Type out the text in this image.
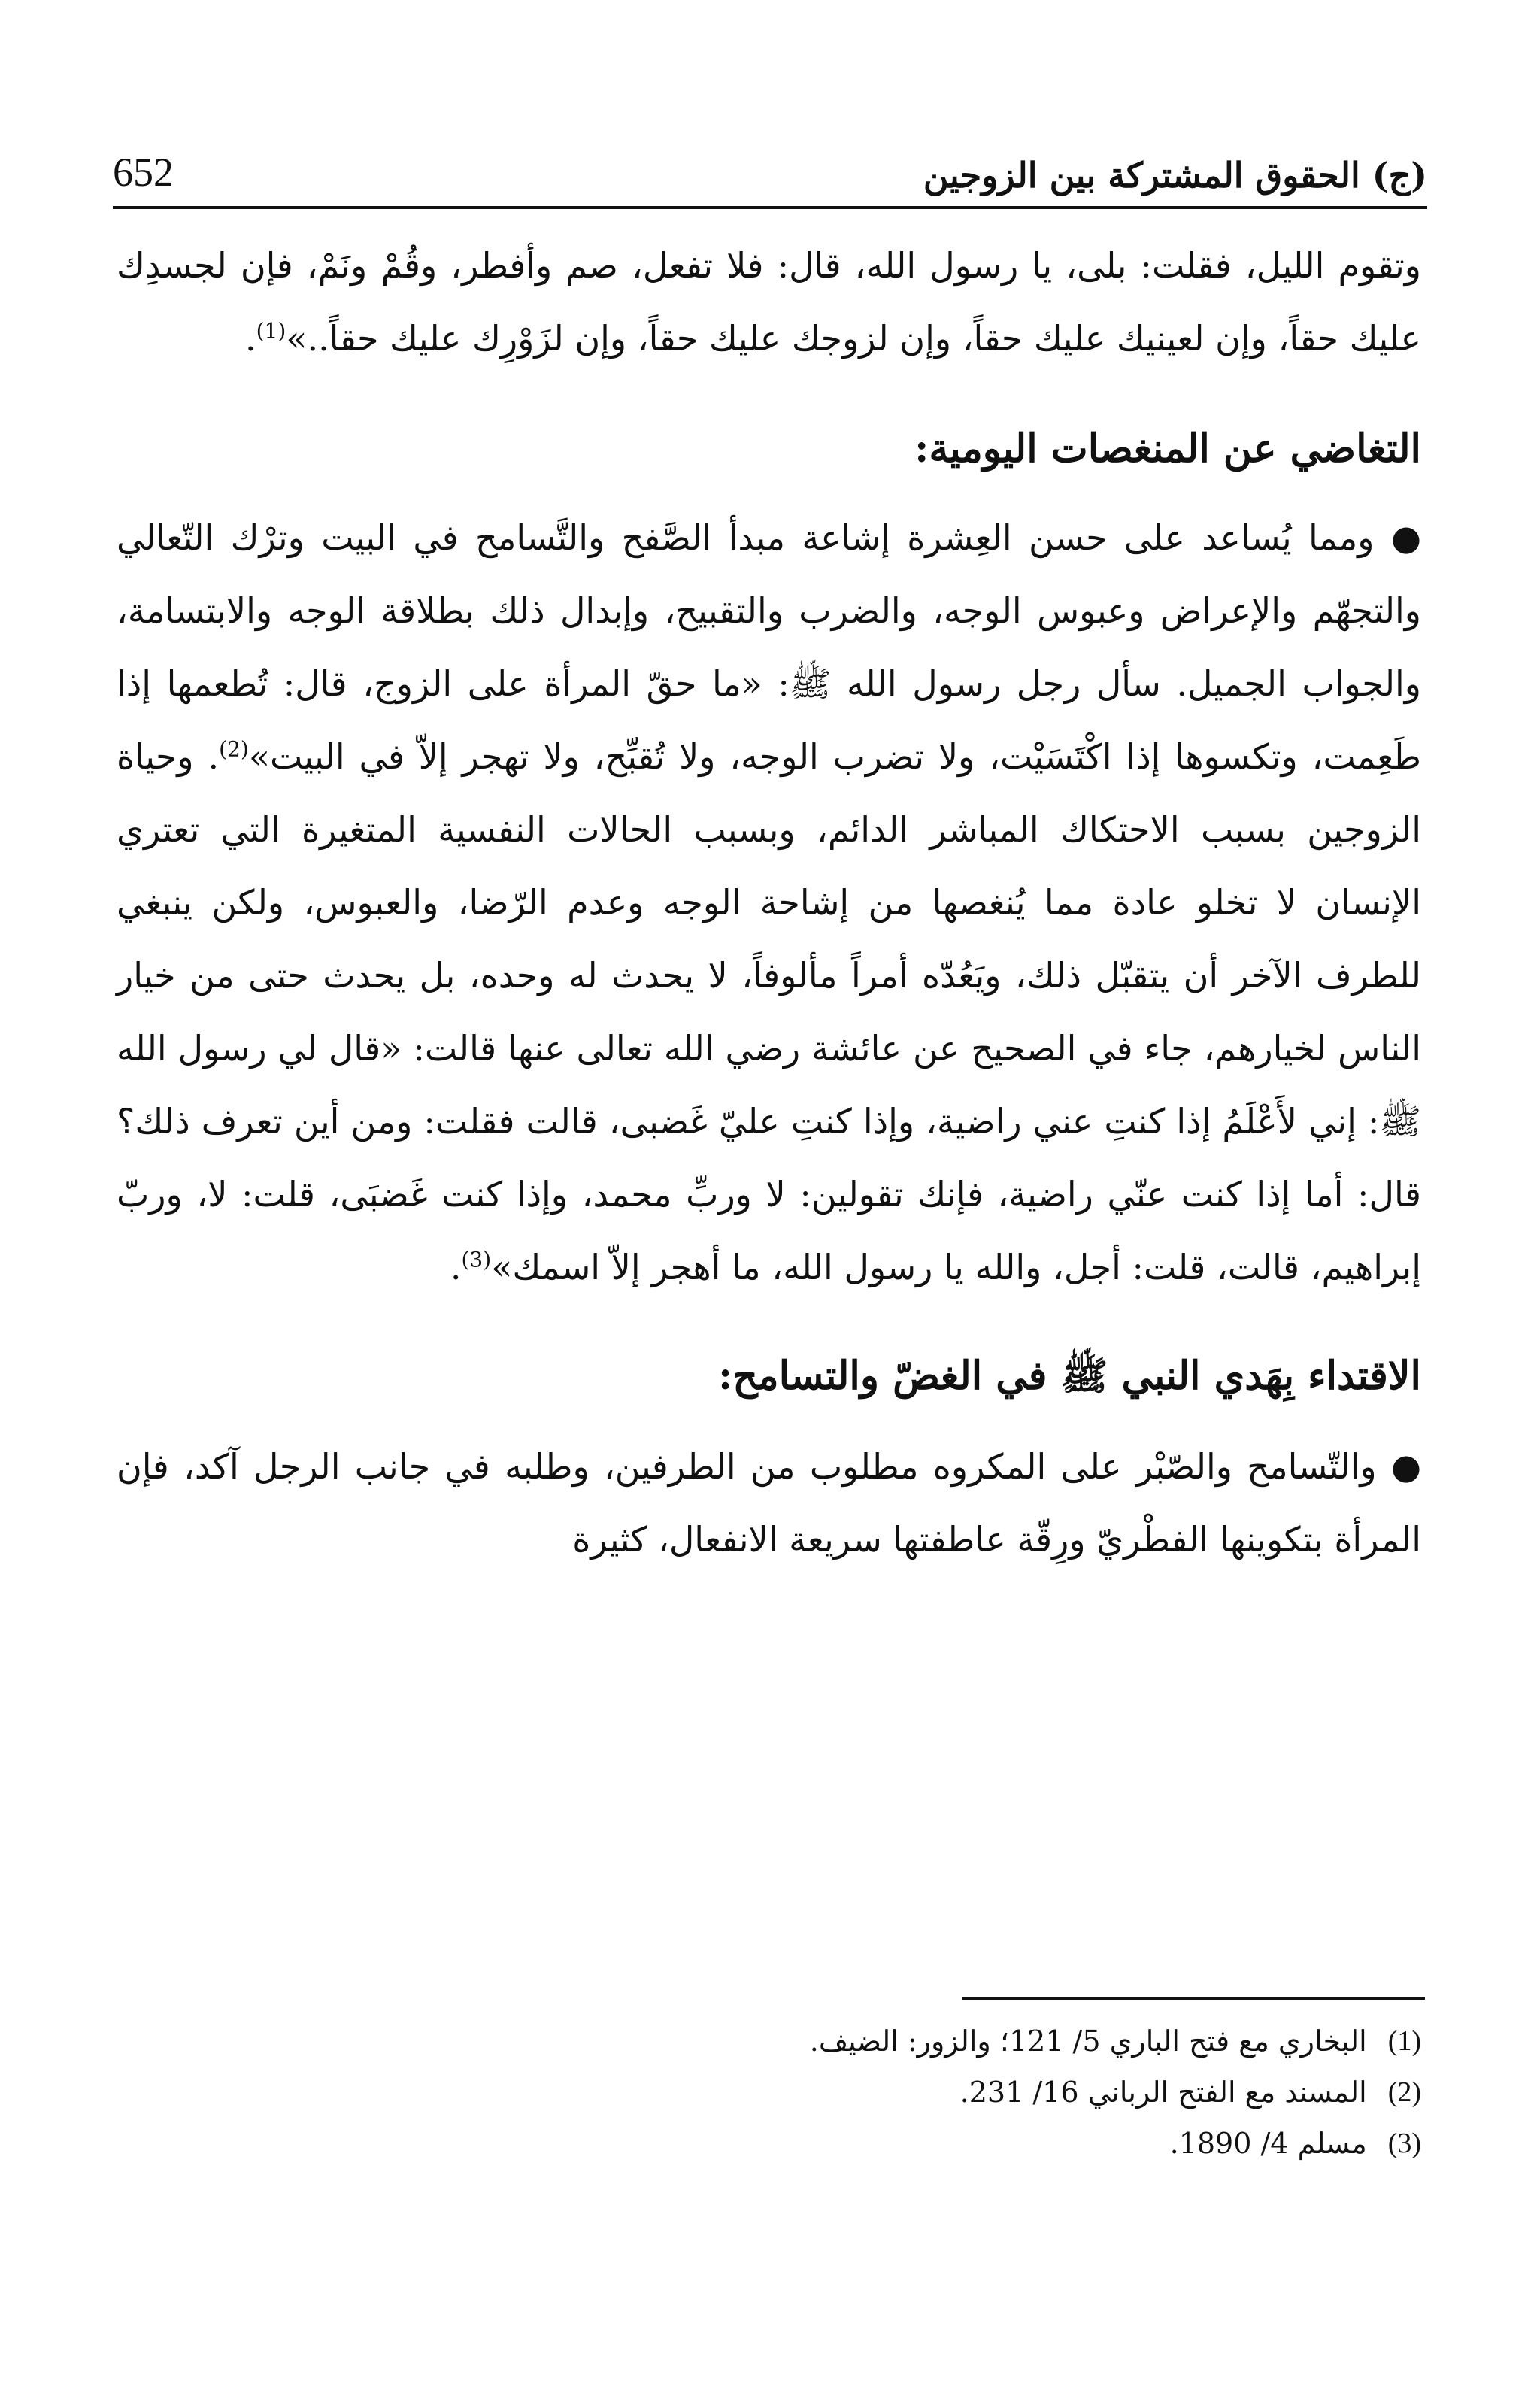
(ج) الحقوق المشتركة بين الزوجين
652

وتقوم الليل، فقلت: بلى، يا رسول الله، قال: فلا تفعل، صم وأفطر، وقُمْ ونَمْ، فإن لجسدِك عليك حقاً، وإن لعينيك عليك حقاً، وإن لزوجك عليك حقاً، وإن لزَوْرِك عليك حقاً..»$^{(1)}$.

التغاضي عن المنغصات اليومية:

● ومما يُساعد على حسن العِشرة إشاعة مبدأ الصَّفح والتَّسامح في البيت وترْك التّعالي والتجهّم والإعراض وعبوس الوجه، والضرب والتقبيح، وإبدال ذلك بطلاقة الوجه والابتسامة، والجواب الجميل. سأل رجل رسول الله ﷺ: «ما حقّ المرأة على الزوج، قال: تُطعمها إذا طَعِمت، وتكسوها إذا اكْتَسَيْت، ولا تضرب الوجه، ولا تُقبِّح، ولا تهجر إلاّ في البيت»$^{(2)}$. وحياة الزوجين بسبب الاحتكاك المباشر الدائم، وبسبب الحالات النفسية المتغيرة التي تعتري الإنسان لا تخلو عادة مما يُنغصها من إشاحة الوجه وعدم الرّضا، والعبوس، ولكن ينبغي للطرف الآخر أن يتقبّل ذلك، ويَعُدّه أمراً مألوفاً، لا يحدث له وحده، بل يحدث حتى من خيار الناس لخيارهم، جاء في الصحيح عن عائشة رضي الله تعالى عنها قالت: «قال لي رسول الله ﷺ: إني لأَعْلَمُ إذا كنتِ عني راضية، وإذا كنتِ عليّ غَضبى، قالت فقلت: ومن أين تعرف ذلك؟ قال: أما إذا كنت عنّي راضية، فإنك تقولين: لا وربِّ محمد، وإذا كنت غَضبَى، قلت: لا، وربّ إبراهيم، قالت، قلت: أجل، والله يا رسول الله، ما أهجر إلاّ اسمك»$^{(3)}$.

الاقتداء بِهَدي النبي ﷺ في الغضّ والتسامح:

● والتّسامح والصّبْر على المكروه مطلوب من الطرفين، وطلبه في جانب الرجل آكد، فإن المرأة بتكوينها الفطْريّ ورِقّة عاطفتها سريعة الانفعال، كثيرة

(1)
البخاري مع فتح الباري 5/ 121؛ والزور: الضيف.
(2)
المسند مع الفتح الرباني 16/ 231.
(3)
مسلم 4/ 1890.
